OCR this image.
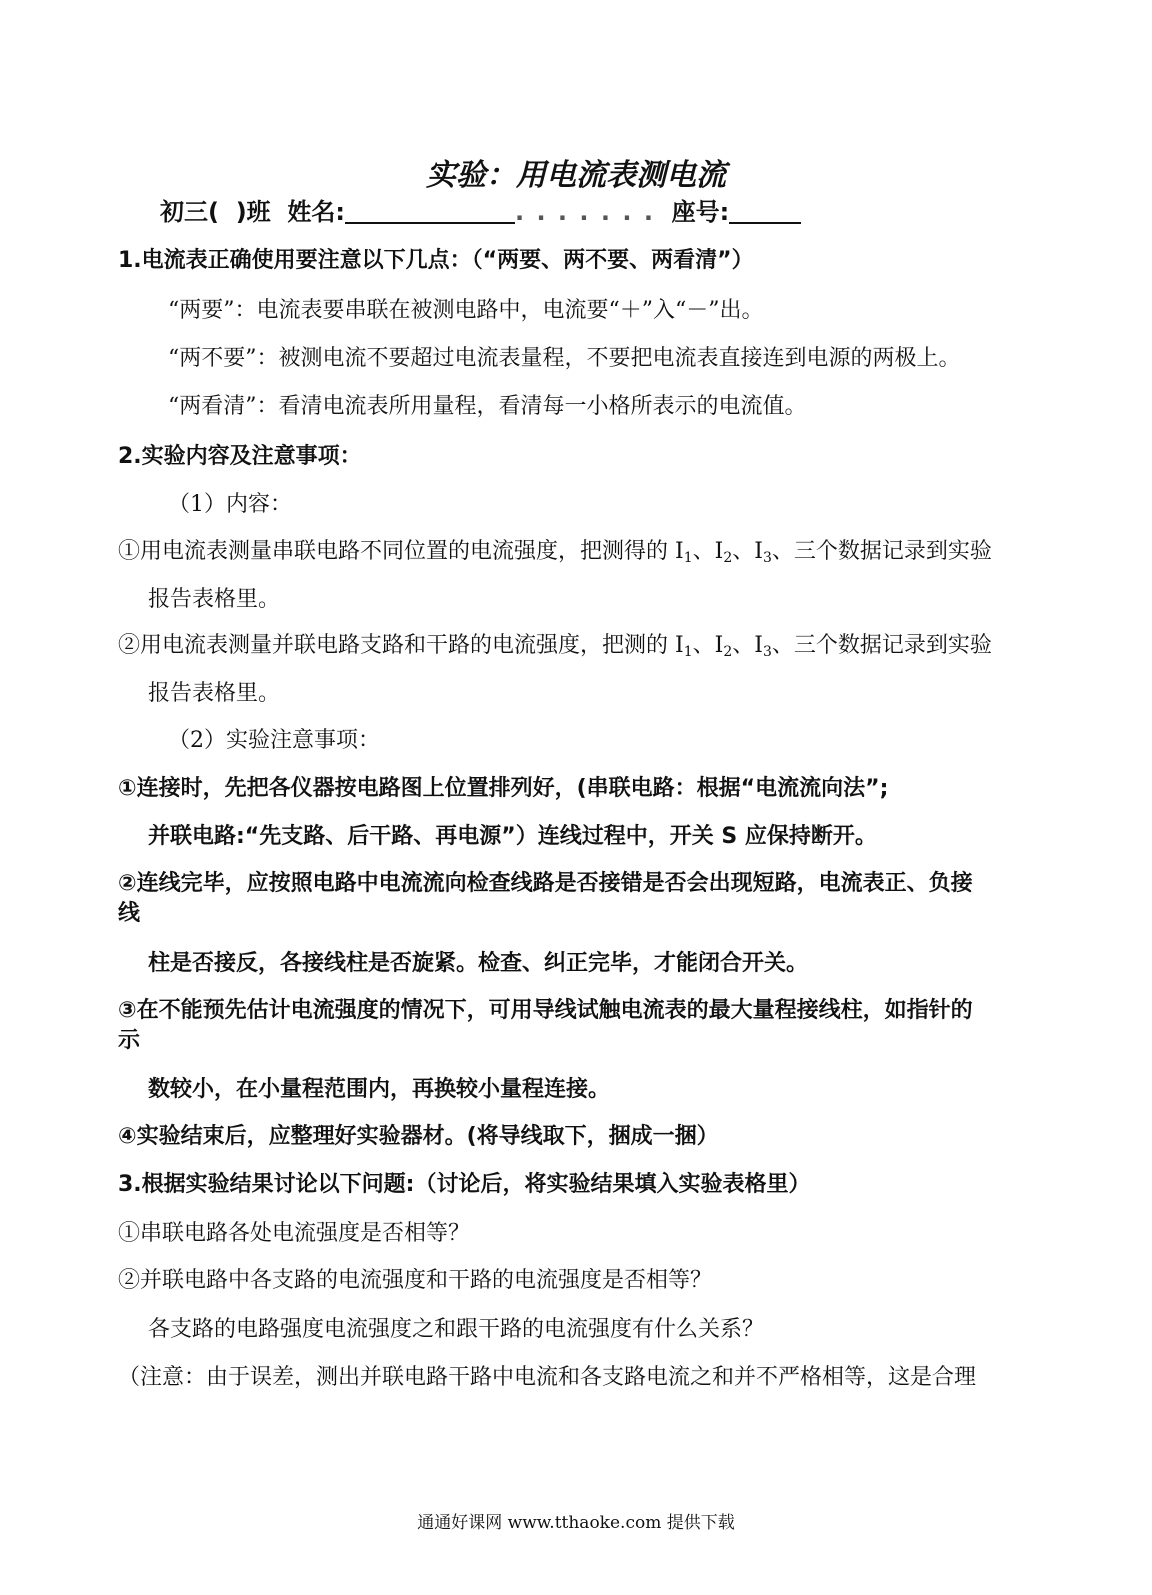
实验：用电流表测电流
初三( )班 姓名:	. . . . . . .  座号:
1.电流表正确使用要注意以下几点：（“两要、两不要、两看清”）
“两要”：电流表要串联在被测电路中，电流要“＋”入“－”出。
“两不要”：被测电流不要超过电流表量程，不要把电流表直接连到电源的两极上。
“两看清”：看清电流表所用量程，看清每一小格所表示的电流值。
2.实验内容及注意事项：
（1）内容：
①用电流表测量串联电路不同位置的电流强度，把测得的 $I_1$、$I_2$、$I_3$、三个数据记录到实验
报告表格里。
②用电流表测量并联电路支路和干路的电流强度，把测的 $I_1$、$I_2$、$I_3$、三个数据记录到实验
报告表格里。
（2）实验注意事项：
①连接时，先把各仪器按电路图上位置排列好，(串联电路：根据“电流流向法”;
并联电路:“先支路、后干路、再电源”）连线过程中，开关 S 应保持断开。
②连线完毕，应按照电路中电流流向检查线路是否接错是否会出现短路，电流表正、负接
线
柱是否接反，各接线柱是否旋紧。检查、纠正完毕，才能闭合开关。
③在不能预先估计电流强度的情况下，可用导线试触电流表的最大量程接线柱，如指针的
示
数较小，在小量程范围内，再换较小量程连接。
④实验结束后，应整理好实验器材。(将导线取下，捆成一捆）
3.根据实验结果讨论以下问题:（讨论后，将实验结果填入实验表格里）
①串联电路各处电流强度是否相等？
②并联电路中各支路的电流强度和干路的电流强度是否相等？
各支路的电路强度电流强度之和跟干路的电流强度有什么关系？
（注意：由于误差，测出并联电路干路中电流和各支路电流之和并不严格相等，这是合理
通通好课网 www.tthaoke.com 提供下载
